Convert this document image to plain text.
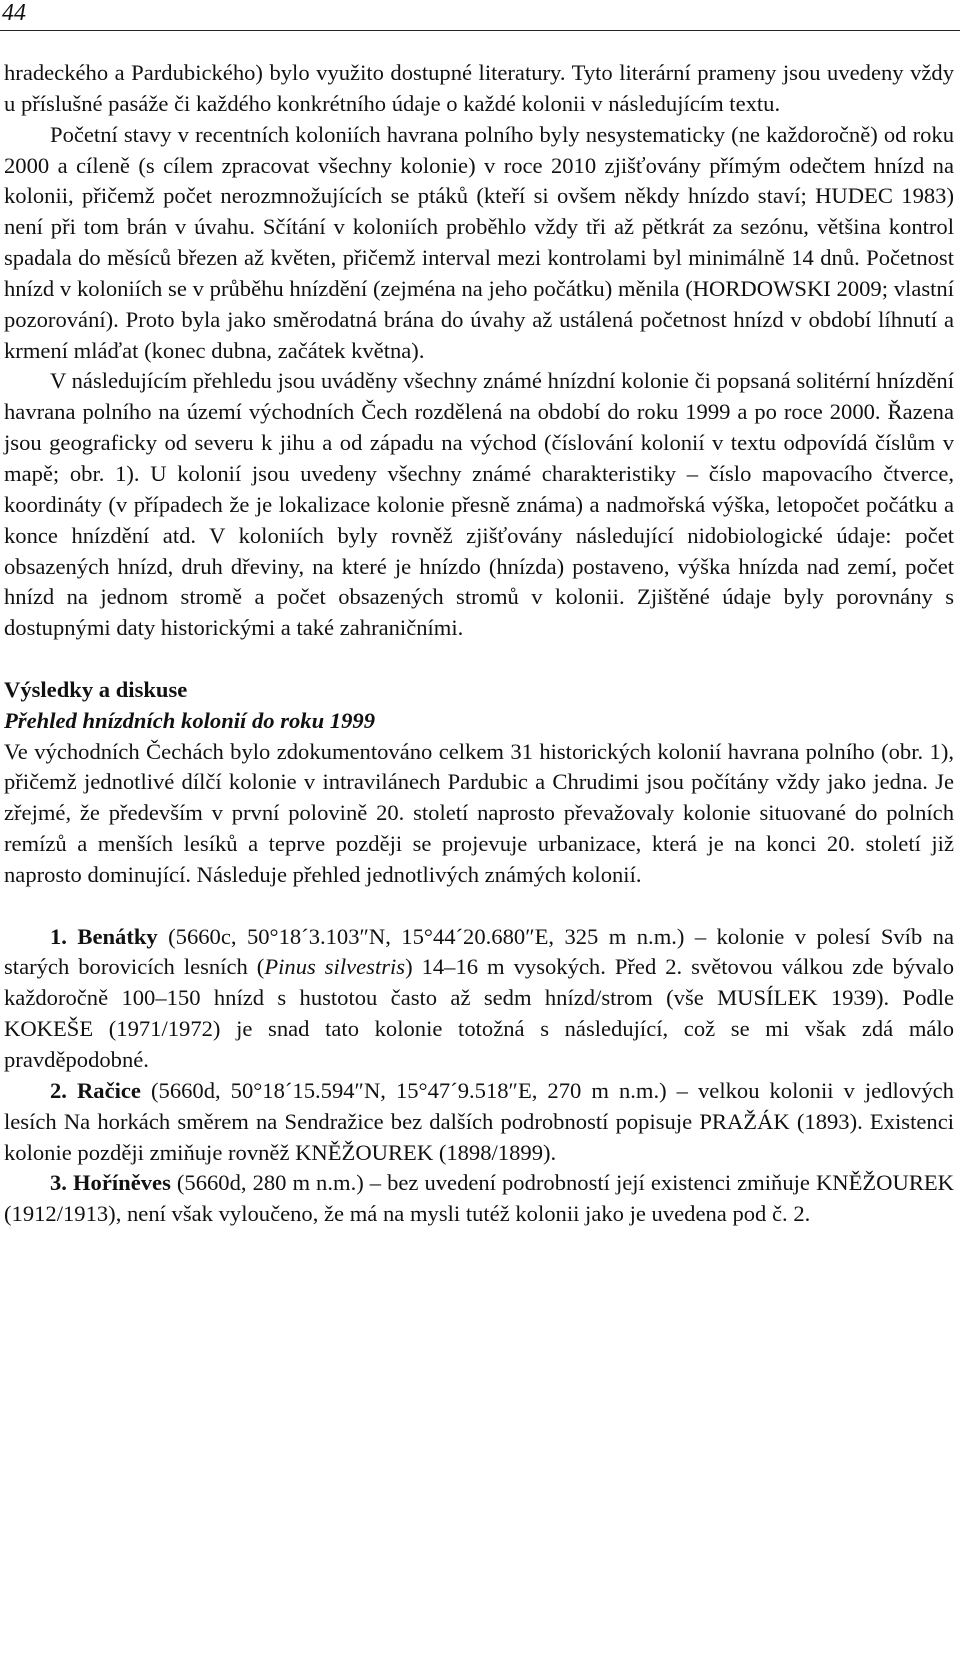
44

hradeckého a Pardubického) bylo využito dostupné literatury. Tyto literární prameny jsou uvedeny vždy u příslušné pasáže či každého konkrétního údaje o každé kolonii v následujícím textu.

Početní stavy v recentních koloniích havrana polního byly nesystematicky (ne každoročně) od roku 2000 a cíleně (s cílem zpracovat všechny kolonie) v roce 2010 zjišťovány přímým odečtem hnízd na kolonii, přičemž počet nerozmnožujících se ptáků (kteří si ovšem někdy hnízdo staví; HUDEC 1983) není při tom brán v úvahu. Sčítání v koloniích proběhlo vždy tři až pětkrát za sezónu, většina kontrol spadala do měsíců březen až květen, přičemž interval mezi kontrolami byl minimálně 14 dnů. Početnost hnízd v koloniích se v průběhu hnízdění (zejména na jeho počátku) měnila (HORDOWSKI 2009; vlastní pozorování). Proto byla jako směrodatná brána do úvahy až ustálená početnost hnízd v období líhnutí a krmení mláďat (konec dubna, začátek května).

V následujícím přehledu jsou uváděny všechny známé hnízdní kolonie či popsaná solitérní hnízdění havrana polního na území východních Čech rozdělená na období do roku 1999 a po roce 2000. Řazena jsou geograficky od severu k jihu a od západu na východ (číslování kolonií v textu odpovídá číslům v mapě; obr. 1). U kolonií jsou uvedeny všechny známé charakteristiky – číslo mapovacího čtverce, koordináty (v případech že je lokalizace kolonie přesně známa) a nadmořská výška, letopočet počátku a konce hnízdění atd. V koloniích byly rovněž zjišťovány následující nidobiologické údaje: počet obsazených hnízd, druh dřeviny, na které je hnízdo (hnízda) postaveno, výška hnízda nad zemí, počet hnízd na jednom stromě a počet obsazených stromů v kolonii. Zjištěné údaje byly porovnány s dostupnými daty historickými a také zahraničními.

Výsledky a diskuse
Přehled hnízdních kolonií do roku 1999

Ve východních Čechách bylo zdokumentováno celkem 31 historických kolonií havrana polního (obr. 1), přičemž jednotlivé dílčí kolonie v intravilánech Pardubic a Chrudimi jsou počítány vždy jako jedna. Je zřejmé, že především v první polovině 20. století naprosto převažovaly kolonie situované do polních remízů a menších lesíků a teprve později se projevuje urbanizace, která je na konci 20. století již naprosto dominující. Následuje přehled jednotlivých známých kolonií.

1. Benátky (5660c, 50°18´3.103″N, 15°44´20.680″E, 325 m n.m.) – kolonie v polesí Svíb na starých borovicích lesních (Pinus silvestris) 14–16 m vysokých. Před 2. světovou válkou zde bývalo každoročně 100–150 hnízd s hustotou často až sedm hnízd/strom (vše MUSÍLEK 1939). Podle KOKEŠE (1971/1972) je snad tato kolonie totožná s následující, což se mi však zdá málo pravděpodobné.

2. Račice (5660d, 50°18´15.594″N, 15°47´9.518″E, 270 m n.m.) – velkou kolonii v jedlových lesích Na horkách směrem na Sendražice bez dalších podrobností popisuje PRAŽÁK (1893). Existenci kolonie později zmiňuje rovněž KNĚŽOUREK (1898/1899).

3. Hoříněves (5660d, 280 m n.m.) – bez uvedení podrobností její existenci zmiňuje KNĚŽOUREK (1912/1913), není však vyloučeno, že má na mysli tutéž kolonii jako je uvedena pod č. 2.
